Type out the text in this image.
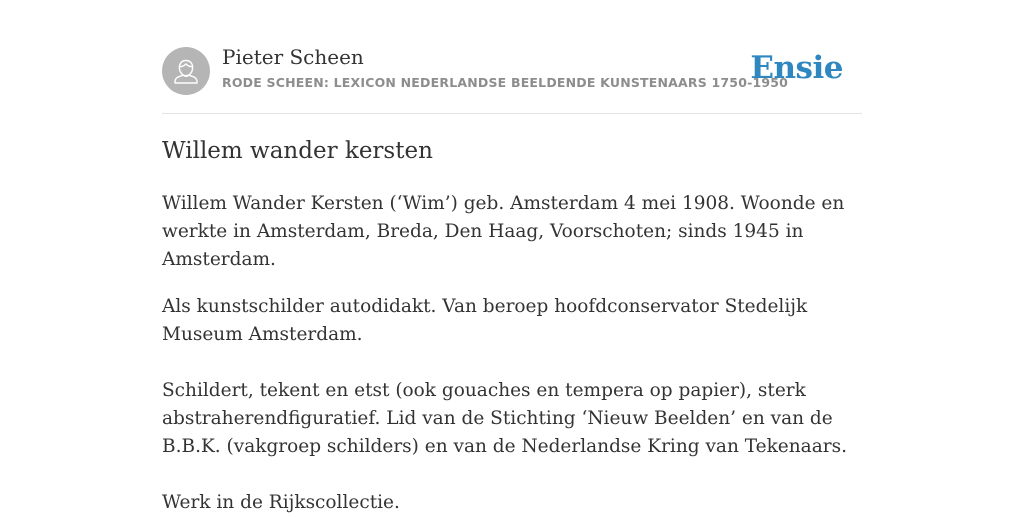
Pieter Scheen
RODE SCHEEN: LEXICON NEDERLANDSE BEELDENDE KUNSTENAARS 1750-1950
Ensie
Willem wander kersten

Willem Wander Kersten (‘Wim’) geb. Amsterdam 4 mei 1908. Woonde en werkte in Amsterdam, Breda, Den Haag, Voorschoten; sinds 1945 in Amsterdam.

Als kunstschilder autodidakt. Van beroep hoofdconservator Stedelijk Museum Amsterdam.

Schildert, tekent en etst (ook gouaches en tempera op papier), sterk abstraherendfiguratief. Lid van de Stichting ‘Nieuw Beelden’ en van de B.B.K. (vakgroep schilders) en van de Nederlandse Kring van Tekenaars.

Werk in de Rijkscollectie.
